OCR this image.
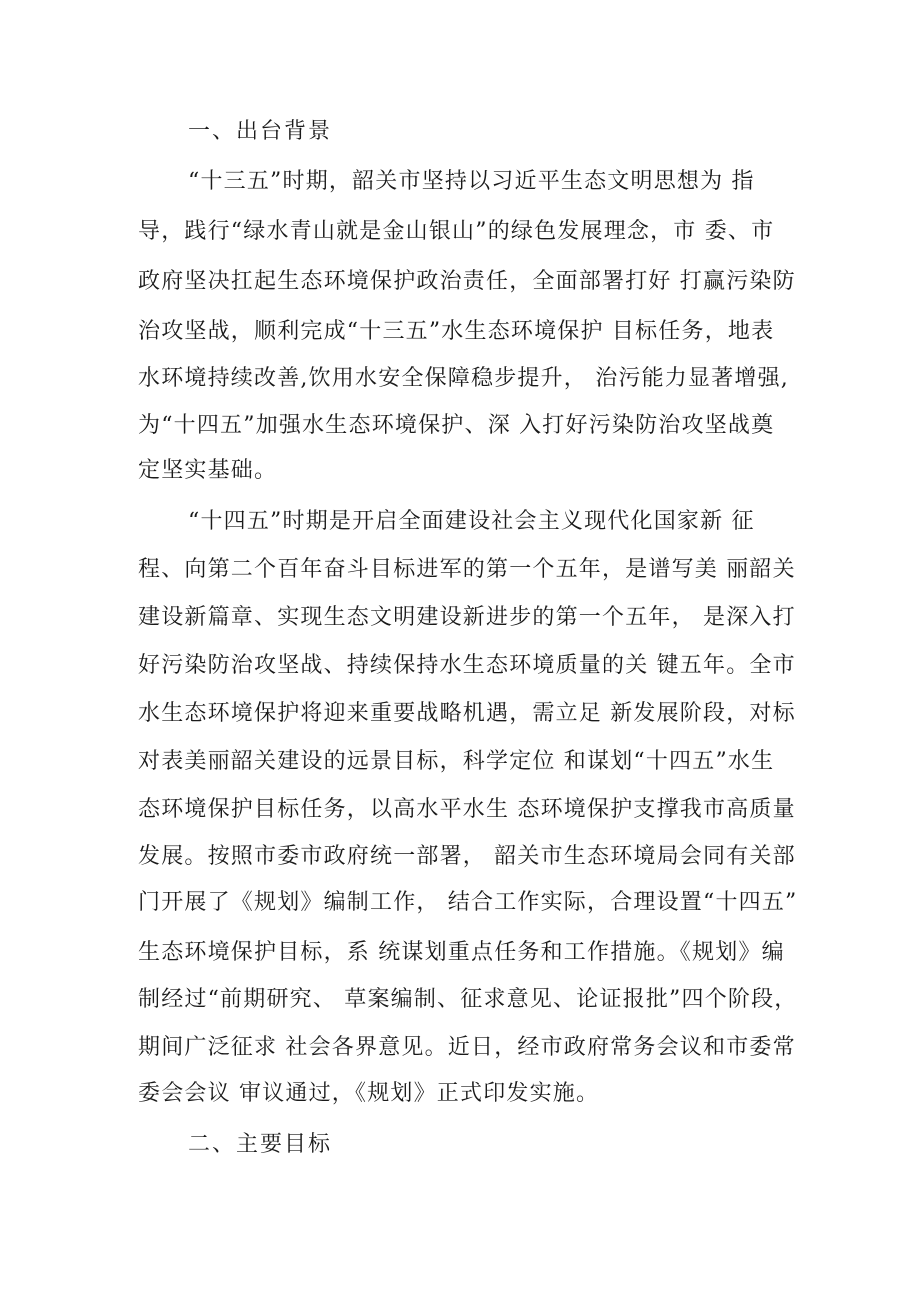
一、出台背景
“十三五”时期，韶关市坚持以习近平生态文明思想为 指
导，践行“绿水青山就是金山银山”的绿色发展理念，市 委、市
政府坚决扛起生态环境保护政治责任，全面部署打好 打赢污染防
治攻坚战，顺利完成“十三五”水生态环境保护 目标任务，地表
水环境持续改善,饮用水安全保障稳步提升， 治污能力显著增强,
为“十四五”加强水生态环境保护、深 入打好污染防治攻坚战奠
定坚实基础。
“十四五”时期是开启全面建设社会主义现代化国家新 征
程、向第二个百年奋斗目标进军的第一个五年，是谱写美 丽韶关
建设新篇章、实现生态文明建设新进步的第一个五年， 是深入打
好污染防治攻坚战、持续保持水生态环境质量的关 键五年。全市
水生态环境保护将迎来重要战略机遇，需立足 新发展阶段，对标
对表美丽韶关建设的远景目标，科学定位 和谋划“十四五”水生
态环境保护目标任务，以高水平水生 态环境保护支撑我市高质量
发展。按照市委市政府统一部署， 韶关市生态环境局会同有关部
门开展了《规划》编制工作， 结合工作实际，合理设置“十四五”
生态环境保护目标，系 统谋划重点任务和工作措施。《规划》编
制经过“前期研究、 草案编制、征求意见、论证报批”四个阶段，
期间广泛征求 社会各界意见。近日，经市政府常务会议和市委常
委会会议 审议通过，《规划》正式印发实施。
二、主要目标
